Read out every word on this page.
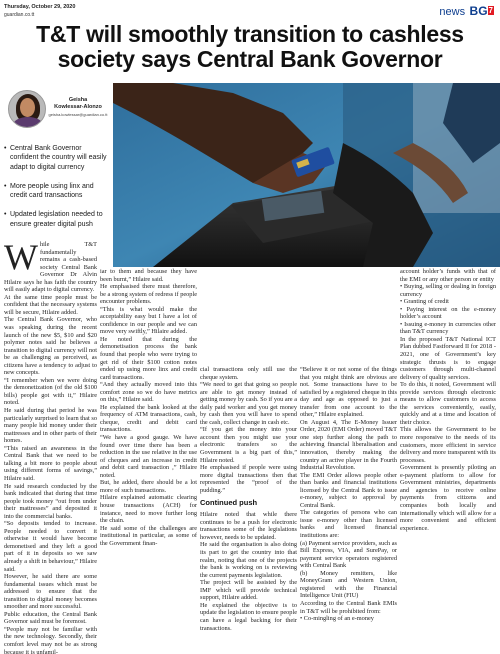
Thursday, October 29, 2020
guardian.co.tt	news BG7
T&T will smoothly transition to cashless
society says Central Bank Governor
Geisha
Kowlessar-Alonzo
geisha.kowlessar@guardian.co.tt
• Central Bank Governor confident the country will easily adapt to digital currency
• More people using linx and credit card transactions
• Updated legislation needed to ensure greater digital push

While T&T fundamentally remains a cash-based society Central Bank Governor Dr Alvin Hilaire says he has faith the country will easily adapt to digital currency.

At the same time people must be confident that the necessary systems will be secure, Hilaire added.

The Central Bank Governor, who was speaking during the recent launch of the new $5, $10 and $20 polymer notes said he believes a transition to digital currency will not be as challenging as perceived, as citizens have a tendency to adjust to new concepts.

“I remember when we were doing the demonetization (of the old $100 bills) people got with it,” Hilaire noted.

He said during that period he was particularly surprised to learn that so many people hid money under their mattresses and in other parts of their homes.

“This raised an awareness in the Central Bank that we need to be talking a bit more to people about using different forms of savings,” Hilaire said.

He said research conducted by the bank indicated that during that time people took money “out from under their mattresses” and deposited it into the commercial banks.

“So deposits tended to increase. People needed to convert it otherwise it would have become demonetised and they left a good part of it in deposits so we saw already a shift in behaviour,” Hilaire said.

However, he said there are some fundamental issues which must be addressed to ensure that the transition to digital money becomes smoother and more successful.

Public education, the Central Bank Governor said must be foremost.

“People may not be familiar with the new technology. Secondly, their comfort level may not be as strong because it is unfamil-

iar to them and because they have been burnt,” Hilaire said.

He emphasised there must therefore, be a strong system of redress if people encounter problems.

“This is what would make the acceptability easy but I have a lot of confidence in our people and we can move very swiftly,” Hilaire added.

He noted that during the demonetisation process the bank found that people who were trying to get rid of their $100 cotton notes ended up using more linx and credit card transactions.

“And they actually moved into this comfort zone so we do have metrics on this,” Hilaire said.

He explained the bank looked at the frequency of ATM transactions, cash, cheque, credit and debit card transactions.

“We have a good gauge. We have found over time there has been a reduction in the use relative in the use of cheques and an increase in credit and debit card transaction ,” Hilaire noted.

But, he added, there should be a lot more of such transactions.

Hilaire explained automatic clearing house transactions (ACH) for instance, need to move further long the chain.

He said some of the challenges are institutional in particular, as some of the Government finan-

cial transactions only still use the cheque system.

“We need to get that going so people are able to get money instead of getting money by cash. So if you are a daily paid worker and you get money by cash then you will have to spend the cash, collect change in cash etc.

“If you get the money into your account then you might use your electronic transfers so the Government is a big part of this,” Hilaire noted.

He emphasised if people were using more digital transactions then that represented the “proof of the pudding.”

Continued push

Hilaire noted that while there continues to be a push for electronic transactions some of the legislations however, needs to be updated.

He said the organisation is also doing its part to get the country into that realm, noting that one of the projects the bank is working on is reviewing the current payments legislation.

The project will be assisted by the IMF which will provide technical support, Hilaire added.

He explained the objective is to update the legislation to ensure people can have a legal backing for their transactions.

“Believe it or not some of the things that you might think are obvious are not. Some transactions have to be satisfied by a registered cheque in this day and age as opposed to just a transfer from one account to the other,” Hilaire explained.

On August 4, The E-Money Issuer Order, 2020 (EMI Order) moved T&T one step further along the path to achieving financial liberalisation and innovation, thereby making the country an active player in the Fourth Industrial Revolution.

The EMI Order allows people other than banks and financial institutions licensed by the Central Bank to issue e-money, subject to approval by Central Bank.

The categories of persons who can issue e-money other than licensed banks and licensed financial institutions are:

(a) Payment service providers, such as Bill Express, VIA, and SurePay, or payment service operators registered with Central Bank

(b) Money remitters, like MoneyGram and Western Union, registered with the Financial Intelligence Unit (FIU)

According to the Central Bank EMIs in T&T will be prohibited from:

• Co-mingling of an e-money

account holder’s funds with that of the EMI or any other person or entity

• Buying, selling or dealing in foreign currency

• Granting of credit

• Paying interest on the e-money holder’s account

• Issuing e-money in currencies other than T&T currency

In the proposed T&T National ICT Plan dubbed Fastforward II for 2018 - 2021, one of Government’s key strategic thrusts is to engage customers through multi-channel delivery of quality services.

To do this, it noted, Government will provide services through electronic means to allow customers to access the services conveniently, easily, quickly and at a time and location of their choice.

This allows the Government to be more responsive to the needs of its customers, more efficient in service delivery and more transparent with its processes.

Government is presently piloting an e-payment platform to allow for Government ministries, departments and agencies to receive online payments from citizens and companies both locally and internationally which will allow for a more convenient and efficient experience.
